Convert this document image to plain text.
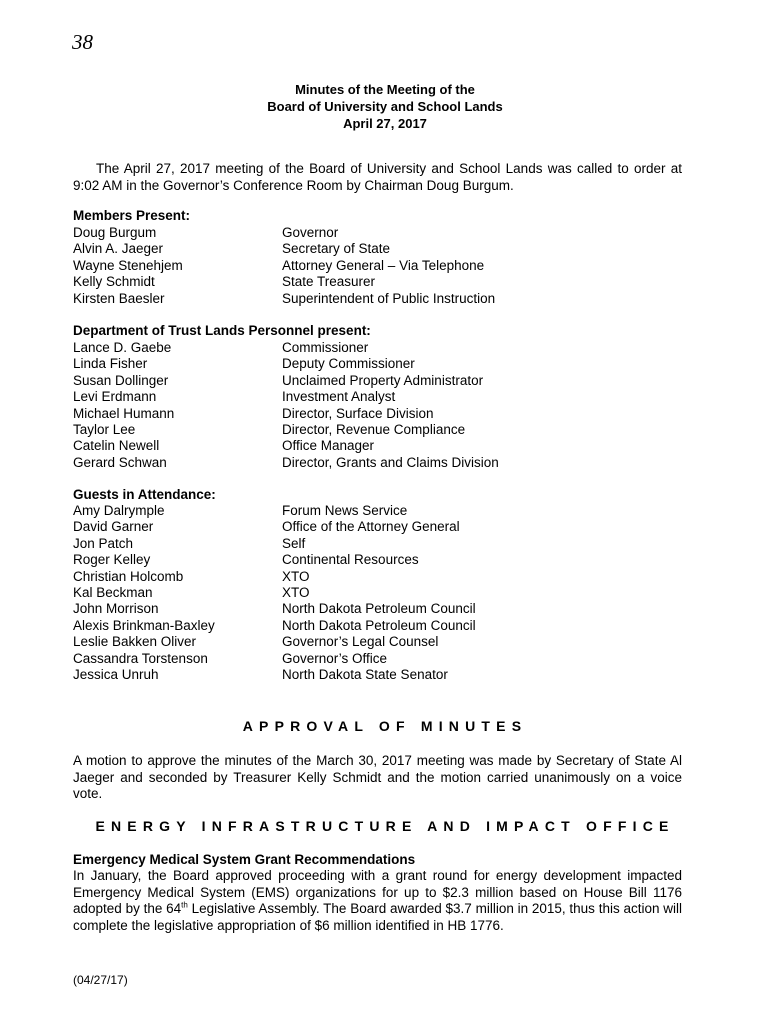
38
Minutes of the Meeting of the
Board of University and School Lands
April 27, 2017
The April 27, 2017 meeting of the Board of University and School Lands was called to order at 9:02 AM in the Governor’s Conference Room by Chairman Doug Burgum.
Members Present:
Doug Burgum	Governor
Alvin A. Jaeger	Secretary of State
Wayne Stenehjem	Attorney General – Via Telephone
Kelly Schmidt	State Treasurer
Kirsten Baesler	Superintendent of Public Instruction
Department of Trust Lands Personnel present:
Lance D. Gaebe	Commissioner
Linda Fisher	Deputy Commissioner
Susan Dollinger	Unclaimed Property Administrator
Levi Erdmann	Investment Analyst
Michael Humann	Director, Surface Division
Taylor Lee	Director, Revenue Compliance
Catelin Newell	Office Manager
Gerard Schwan	Director, Grants and Claims Division
Guests in Attendance:
Amy Dalrymple	Forum News Service
David Garner	Office of the Attorney General
Jon Patch	Self
Roger Kelley	Continental Resources
Christian Holcomb	XTO
Kal Beckman	XTO
John Morrison	North Dakota Petroleum Council
Alexis Brinkman-Baxley	North Dakota Petroleum Council
Leslie Bakken Oliver	Governor’s Legal Counsel
Cassandra Torstenson	Governor’s Office
Jessica Unruh	North Dakota State Senator
APPROVAL OF MINUTES
A motion to approve the minutes of the March 30, 2017 meeting was made by Secretary of State Al Jaeger and seconded by Treasurer Kelly Schmidt and the motion carried unanimously on a voice vote.
ENERGY INFRASTRUCTURE AND IMPACT OFFICE
Emergency Medical System Grant Recommendations
In January, the Board approved proceeding with a grant round for energy development impacted Emergency Medical System (EMS) organizations for up to $2.3 million based on House Bill 1176 adopted by the 64th Legislative Assembly. The Board awarded $3.7 million in 2015, thus this action will complete the legislative appropriation of $6 million identified in HB 1776.
(04/27/17)
